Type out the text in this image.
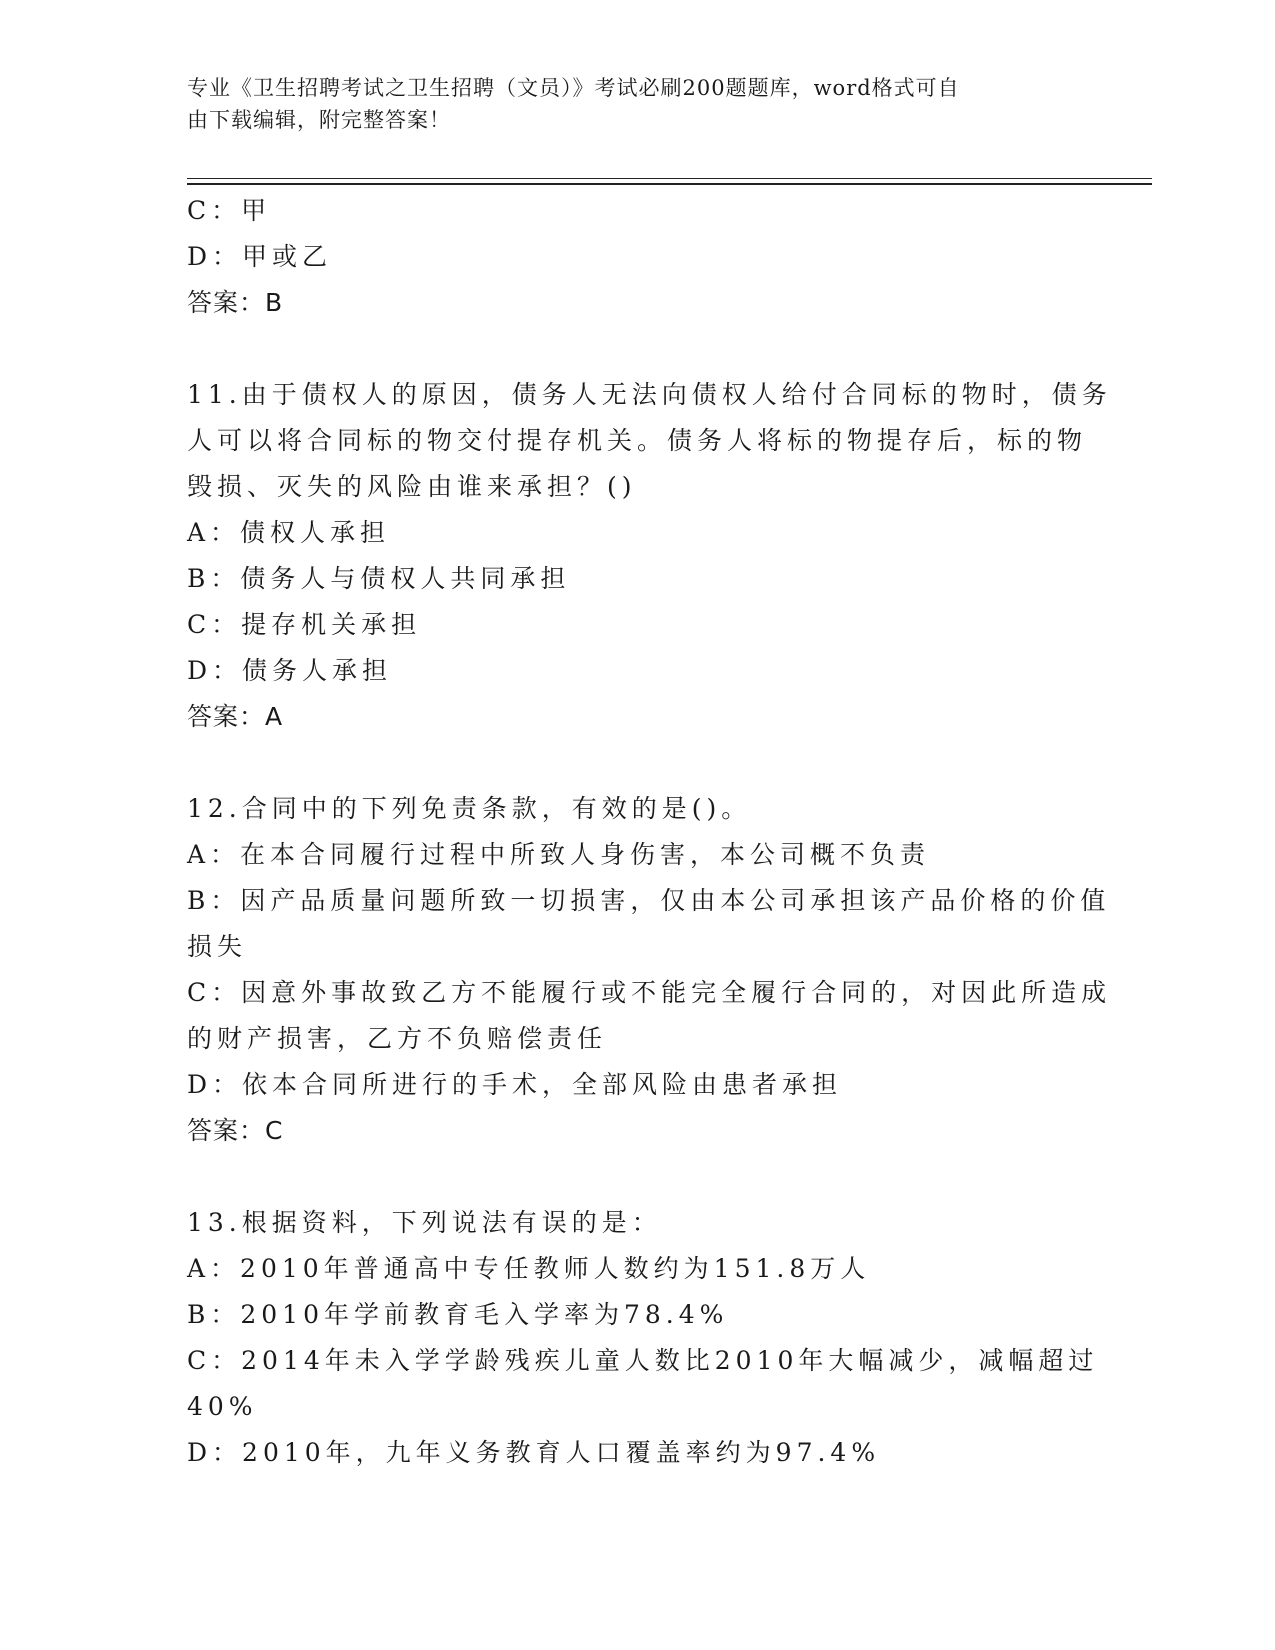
专业《卫生招聘考试之卫生招聘（文员）》考试必刷200题题库，word格式可自
由下载编辑，附完整答案！
C：甲
D：甲或乙
答案：B
11.由于债权人的原因，债务人无法向债权人给付合同标的物时，债务
人可以将合同标的物交付提存机关。债务人将标的物提存后，标的物
毁损、灭失的风险由谁来承担？()
A：债权人承担
B：债务人与债权人共同承担
C：提存机关承担
D：债务人承担
答案：A
12.合同中的下列免责条款，有效的是()。
A：在本合同履行过程中所致人身伤害，本公司概不负责
B：因产品质量问题所致一切损害，仅由本公司承担该产品价格的价值
损失
C：因意外事故致乙方不能履行或不能完全履行合同的，对因此所造成
的财产损害，乙方不负赔偿责任
D：依本合同所进行的手术，全部风险由患者承担
答案：C
13.根据资料，下列说法有误的是：
A：2010年普通高中专任教师人数约为151.8万人
B：2010年学前教育毛入学率为78.4%
C：2014年未入学学龄残疾儿童人数比2010年大幅减少，减幅超过
40%
D：2010年，九年义务教育人口覆盖率约为97.4%
